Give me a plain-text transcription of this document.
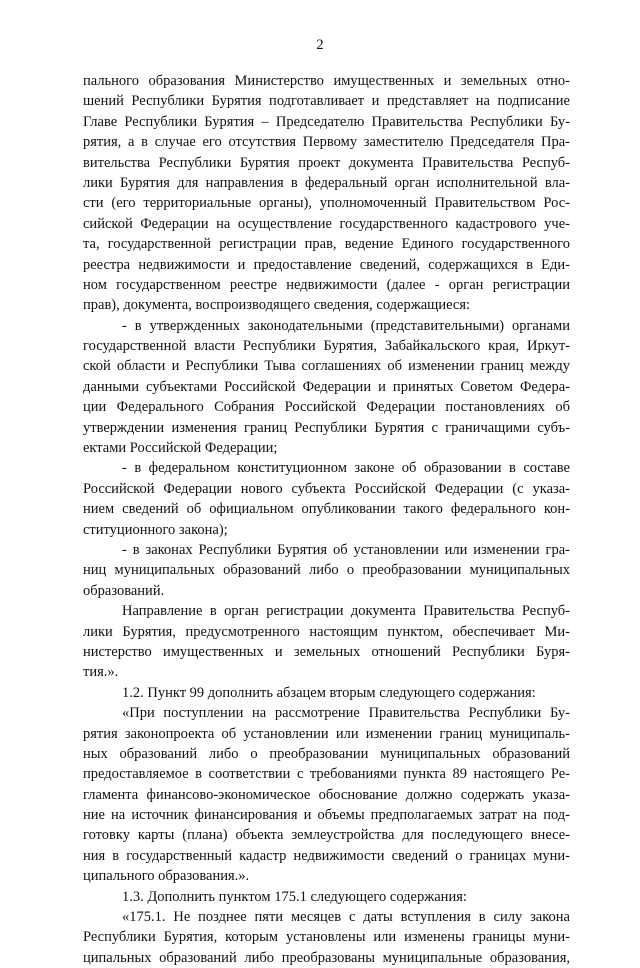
2
пального образования Министерство имущественных и земельных отно-
шений Республики Бурятия подготавливает и представляет на подписание
Главе Республики Бурятия – Председателю Правительства Республики Бу-
рятия, а в случае его отсутствия Первому заместителю Председателя Пра-
вительства Республики Бурятия проект документа Правительства Респуб-
лики Бурятия для направления в федеральный орган исполнительной вла-
сти (его территориальные органы), уполномоченный Правительством Рос-
сийской Федерации на осуществление государственного кадастрового уче-
та, государственной регистрации прав, ведение Единого государственного
реестра недвижимости и предоставление сведений, содержащихся в Еди-
ном государственном реестре недвижимости (далее - орган регистрации
прав), документа, воспроизводящего сведения, содержащиеся:
- в утвержденных законодательными (представительными) органами
государственной власти Республики Бурятия, Забайкальского края, Иркут-
ской области и Республики Тыва соглашениях об изменении границ между
данными субъектами Российской Федерации и принятых Советом Федера-
ции Федерального Собрания Российской Федерации постановлениях об
утверждении изменения границ Республики Бурятия с граничащими субъ-
ектами Российской Федерации;
- в федеральном конституционном законе об образовании в составе
Российской Федерации нового субъекта Российской Федерации (с указа-
нием сведений об официальном опубликовании такого федерального кон-
ституционного закона);
- в законах Республики Бурятия об установлении или изменении гра-
ниц муниципальных образований либо о преобразовании муниципальных
образований.
Направление в орган регистрации документа Правительства Респуб-
лики Бурятия, предусмотренного настоящим пунктом, обеспечивает Ми-
нистерство имущественных и земельных отношений Республики Буря-
тия.».
1.2. Пункт 99 дополнить абзацем вторым следующего содержания:
«При поступлении на рассмотрение Правительства Республики Бу-
рятия законопроекта об установлении или изменении границ муниципаль-
ных образований либо о преобразовании муниципальных образований
предоставляемое в соответствии с требованиями пункта 89 настоящего Ре-
гламента финансово-экономическое обоснование должно содержать указа-
ние на источник финансирования и объемы предполагаемых затрат на под-
готовку карты (плана) объекта землеустройства для последующего внесе-
ния в государственный кадастр недвижимости сведений о границах муни-
ципального образования.».
1.3. Дополнить пунктом 175.1 следующего содержания:
«175.1. Не позднее пяти месяцев с даты вступления в силу закона
Республики Бурятия, которым установлены или изменены границы муни-
ципальных образований либо преобразованы муниципальные образования,
